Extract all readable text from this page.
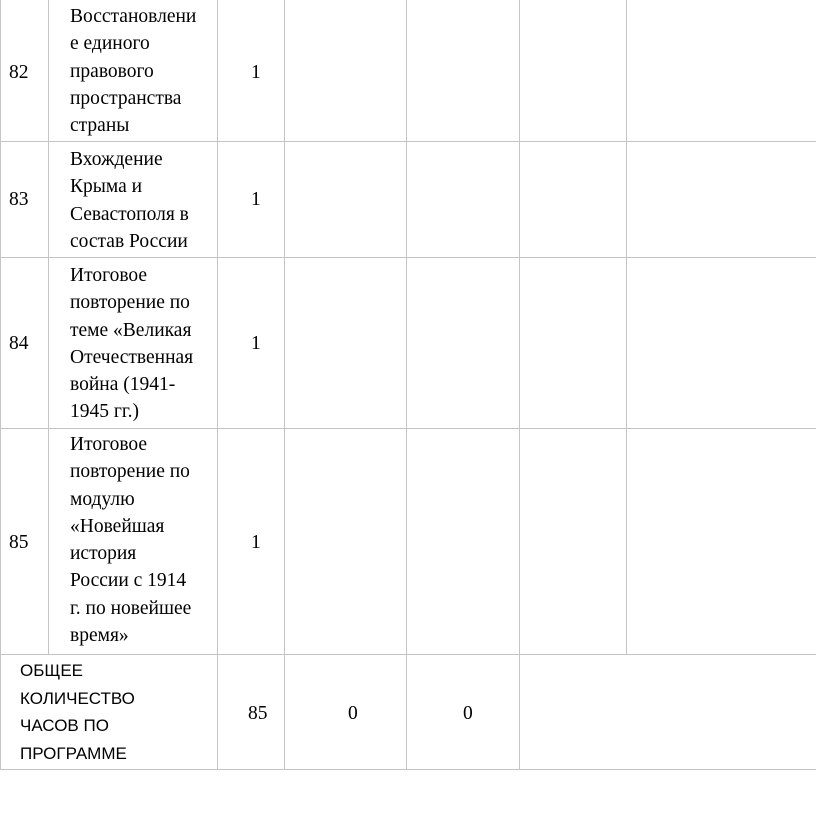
82

Восстановлени
е единого
правового
пространства
страны

1

83

Вхождение
Крыма и
Севастополя в
состав России

1

84

Итоговое
повторение по
теме «Великая
Отечественная
война (1941-
1945 гг.)

1

85

Итоговое
повторение по
модулю
«Новейшая
история
России с 1914
г. по новейшее
время»

1

ОБЩЕЕ
КОЛИЧЕСТВО
ЧАСОВ ПО
ПРОГРАММЕ

85	0	0
